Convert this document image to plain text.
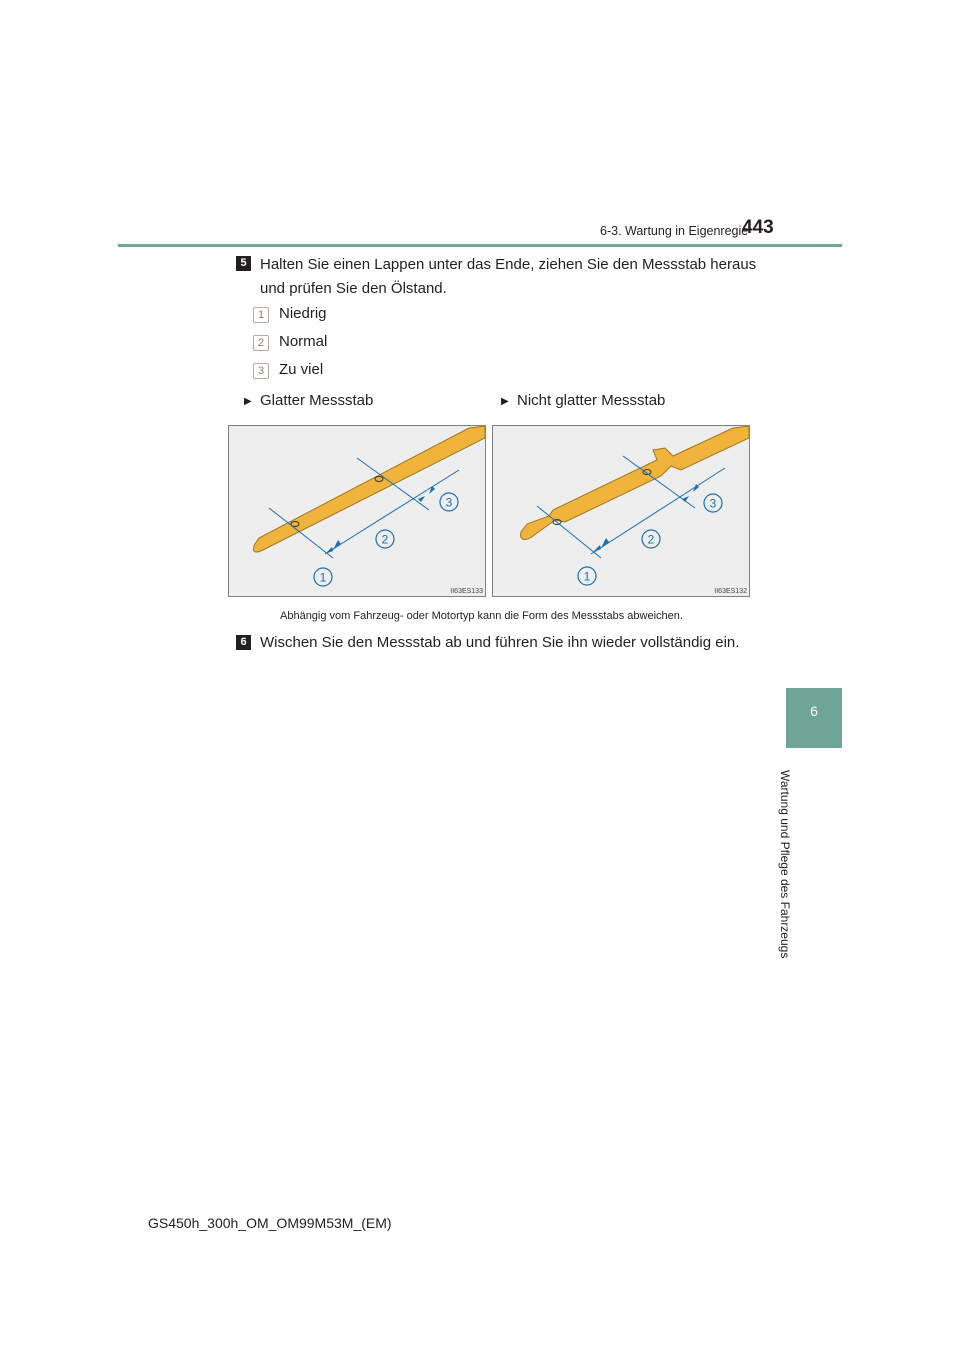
6-3. Wartung in Eigenregie
443
6
Wartung und Pflege des Fahrzeugs
5 Halten Sie einen Lappen unter das Ende, ziehen Sie den Messstab heraus
und prüfen Sie den Ölstand.
1 Niedrig
2 Normal
3 Zu viel
▶ Glatter Messstab	▶ Nicht glatter Messstab
1
2
3
II63ES133
1
2
3
II63ES132
Abhängig vom Fahrzeug- oder Motortyp kann die Form des Messstabs abweichen.
6 Wischen Sie den Messstab ab und führen Sie ihn wieder vollständig ein.
GS450h_300h_OM_OM99M53M_(EM)
